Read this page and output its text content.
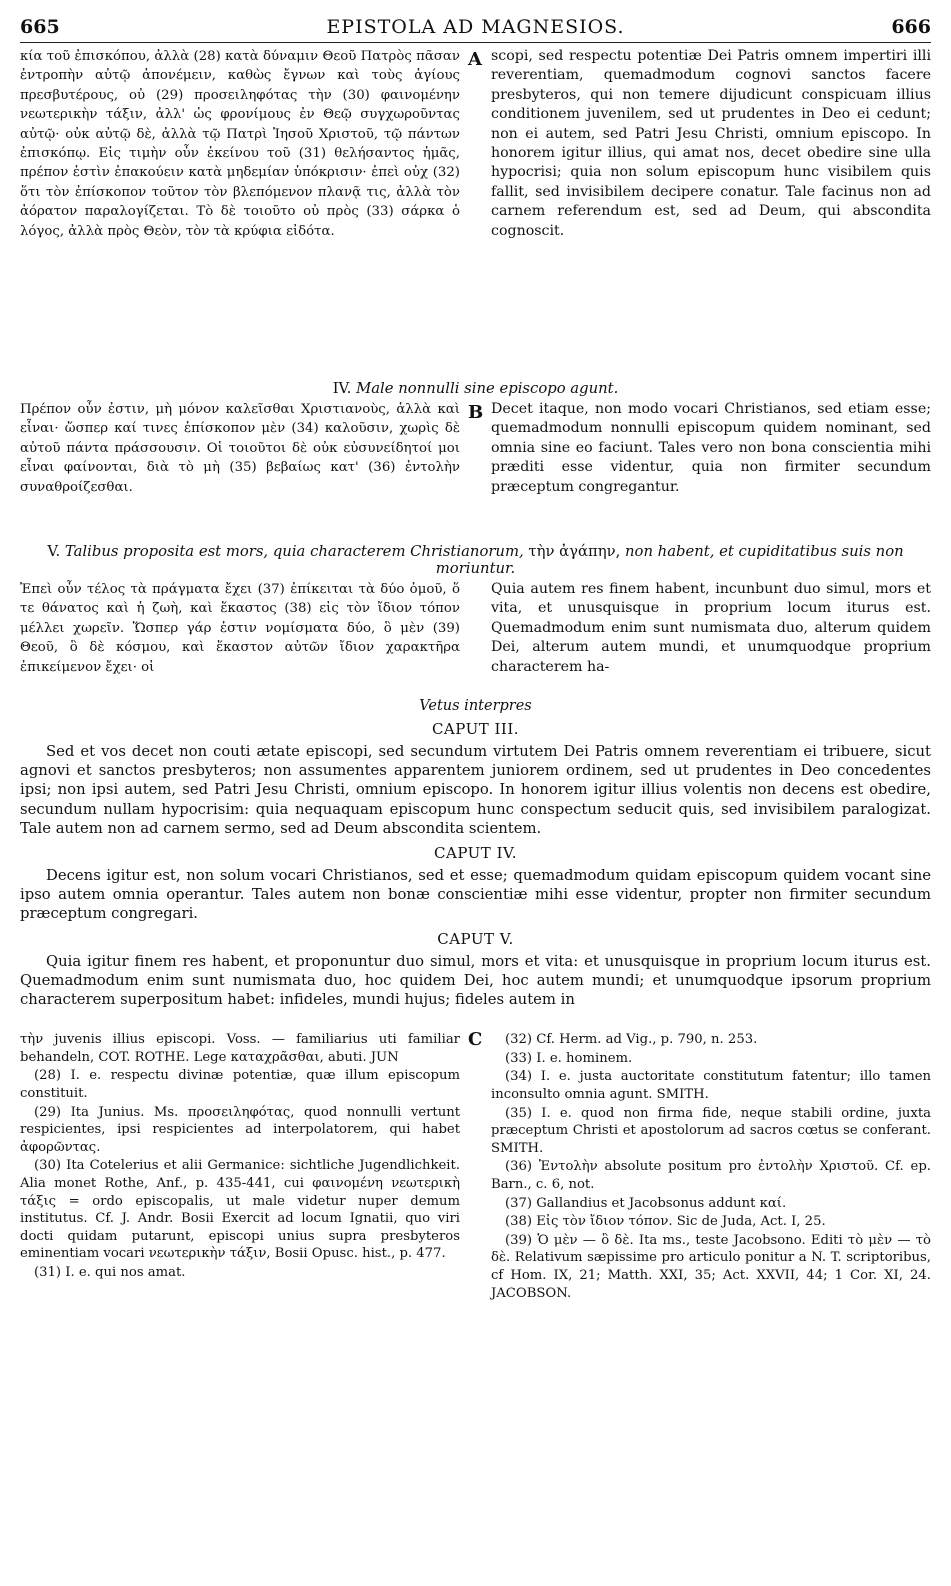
665	EPISTOLA AD MAGNESIOS.	666
κία τοῦ ἐπισκόπου, ἀλλὰ (28) κατὰ δύναμιν Θεοῦ Πατρὸς πᾶσαν ἐντροπὴν αὐτῷ ἀπονέμειν, καθὼς ἔγνων καὶ τοὺς ἁγίους πρεσβυτέρους, οὐ (29) προσειληφότας τὴν (30) φαινομένην νεωτερικὴν τάξιν, ἀλλ' ὡς φρονίμους ἐν Θεῷ συγχωροῦντας αὐτῷ· οὐκ αὐτῷ δὲ, ἀλλὰ τῷ Πατρὶ Ἰησοῦ Χριστοῦ, τῷ πάντων ἐπισκόπῳ. Εἰς τιμὴν οὖν ἐκείνου τοῦ (31) θελήσαντος ἡμᾶς, πρέπον ἐστὶν ἐπακούειν κατὰ μηδεμίαν ὑπόκρισιν· ἐπεὶ οὐχ (32) ὅτι τὸν ἐπίσκοπον τοῦτον τὸν βλεπόμενον πλανᾷ τις, ἀλλὰ τὸν ἀόρατον παραλογίζεται. Τὸ δὲ τοιοῦτο οὐ πρὸς (33) σάρκα ὁ λόγος, ἀλλὰ πρὸς Θεὸν, τὸν τὰ κρύφια εἰδότα.
A scopi, sed respectu potentiæ Dei Patris omnem impertiri illi reverentiam, quemadmodum cognovi sanctos facere presbyteros, qui non temere dijudicunt conspicuam illius conditionem juvenilem, sed ut prudentes in Deo ei cedunt; non ei autem, sed Patri Jesu Christi, omnium episcopo. In honorem igitur illius, qui amat nos, decet obedire sine ulla hypocrisi; quia non solum episcopum hunc visibilem quis fallit, sed invisibilem decipere conatur. Tale facinus non ad carnem referendum est, sed ad Deum, qui abscondita cognoscit.
IV. Male nonnulli sine episcopo agunt.
Πρέπον οὖν ἐστιν, μὴ μόνον καλεῖσθαι Χριστιανοὺς, ἀλλὰ καὶ εἶναι· ὥσπερ καί τινες ἐπίσκοπον μὲν (34) καλοῦσιν, χωρὶς δὲ αὐτοῦ πάντα πράσσουσιν. Οἱ τοιοῦτοι δὲ οὐκ εὐσυνείδητοί μοι εἶναι φαίνονται, διὰ τὸ μὴ (35) βεβαίως κατ' (36) ἐντολὴν συναθροίζεσθαι.
B Decet itaque, non modo vocari Christianos, sed etiam esse; quemadmodum nonnulli episcopum quidem nominant, sed omnia sine eo faciunt. Tales vero non bona conscientia mihi præditi esse videntur, quia non firmiter secundum præceptum congregantur.
V. Talibus proposita est mors, quia characterem Christianorum, τὴν ἀγάπην, non habent, et cupiditatibus suis non moriuntur.
Ἐπεὶ οὖν τέλος τὰ πράγματα ἔχει (37) ἐπίκειται τὰ δύο ὁμοῦ, ὅ τε θάνατος καὶ ἡ ζωὴ, καὶ ἕκαστος (38) εἰς τὸν ἴδιον τόπον μέλλει χωρεῖν. Ὥσπερ γάρ ἐστιν νομίσματα δύο, ὃ μὲν (39) Θεοῦ, ὃ δὲ κόσμου, καὶ ἕκαστον αὐτῶν ἴδιον χαρακτῆρα ἐπικείμενον ἔχει· οἱ
Quia autem res finem habent, incunbunt duo simul, mors et vita, et unusquisque in proprium locum iturus est. Quemadmodum enim sunt numismata duo, alterum quidem Dei, alterum autem mundi, et unumquodque proprium characterem ha-
Vetus interpres
CAPUT III.
Sed et vos decet non couti ætate episcopi, sed secundum virtutem Dei Patris omnem reverentiam ei tribuere, sicut agnovi et sanctos presbyteros; non assumentes apparentem juniorem ordinem, sed ut prudentes in Deo concedentes ipsi; non ipsi autem, sed Patri Jesu Christi, omnium episcopo. In honorem igitur illius volentis non decens est obedire, secundum nullam hypocrisim: quia nequaquam episcopum hunc conspectum seducit quis, sed invisibilem paralogizat. Tale autem non ad carnem sermo, sed ad Deum abscondita scientem.
CAPUT IV.
Decens igitur est, non solum vocari Christianos, sed et esse; quemadmodum quidam episcopum quidem vocant sine ipso autem omnia operantur. Tales autem non bonæ conscientiæ mihi esse videntur, propter non firmiter secundum præceptum congregari.
CAPUT V.
Quia igitur finem res habent, et proponuntur duo simul, mors et vita: et unusquisque in proprium locum iturus est. Quemadmodum enim sunt numismata duo, hoc quidem Dei, hoc autem mundi; et unumquodque ipsorum proprium characterem superpositum habet: infideles, mundi hujus; fideles autem in

τὴν juvenis illius episcopi. Voss. — familiarius uti familiar behandeln, COT. ROTHE. Lege καταχρᾶσθαι, abuti. JUN

(28) I. e. respectu divinæ potentiæ, quæ illum episcopum constituit.

(29) Ita Junius. Ms. προσειληφότας, quod nonnulli vertunt respicientes, ipsi respicientes ad interpolatorem, qui habet ἀφορῶντας.

(30) Ita Cotelerius et alii Germanice: sichtliche Jugendlichkeit. Alia monet Rothe, Anf., p. 435-441, cui φαινομένη νεωτερικὴ τάξις = ordo episcopalis, ut male videtur nuper demum institutus. Cf. J. Andr. Bosii Exercit ad locum Ignatii, quo viri docti quidam putarunt, episcopi unius supra presbyteros eminentiam vocari νεωτερικὴν τάξιν, Bosii Opusc. hist., p. 477.

(31) I. e. qui nos amat.

C	(32) Cf. Herm. ad Vig., p. 790, n. 253.

(33) I. e. hominem.

(34) I. e. justa auctoritate constitutum fatentur; illo tamen inconsulto omnia agunt. SMITH.

(35) I. e. quod non firma fide, neque stabili ordine, juxta præceptum Christi et apostolorum ad sacros cœtus se conferant. SMITH.

(36) Ἐντολὴν absolute positum pro ἐντολὴν Χριστοῦ. Cf. ep. Barn., c. 6, not.

(37) Gallandius et Jacobsonus addunt καί.

(38) Εἰς τὸν ἴδιον τόπον. Sic de Juda, Act. I, 25.

(39) Ὁ μὲν — ὃ δὲ. Ita ms., teste Jacobsono. Editi τὸ μὲν — τὸ δὲ. Relativum sæpissime pro articulo ponitur a N. T. scriptoribus, cf Hom. IX, 21; Matth. XXI, 35; Act. XXVII, 44; 1 Cor. XI, 24. JACOBSON.
